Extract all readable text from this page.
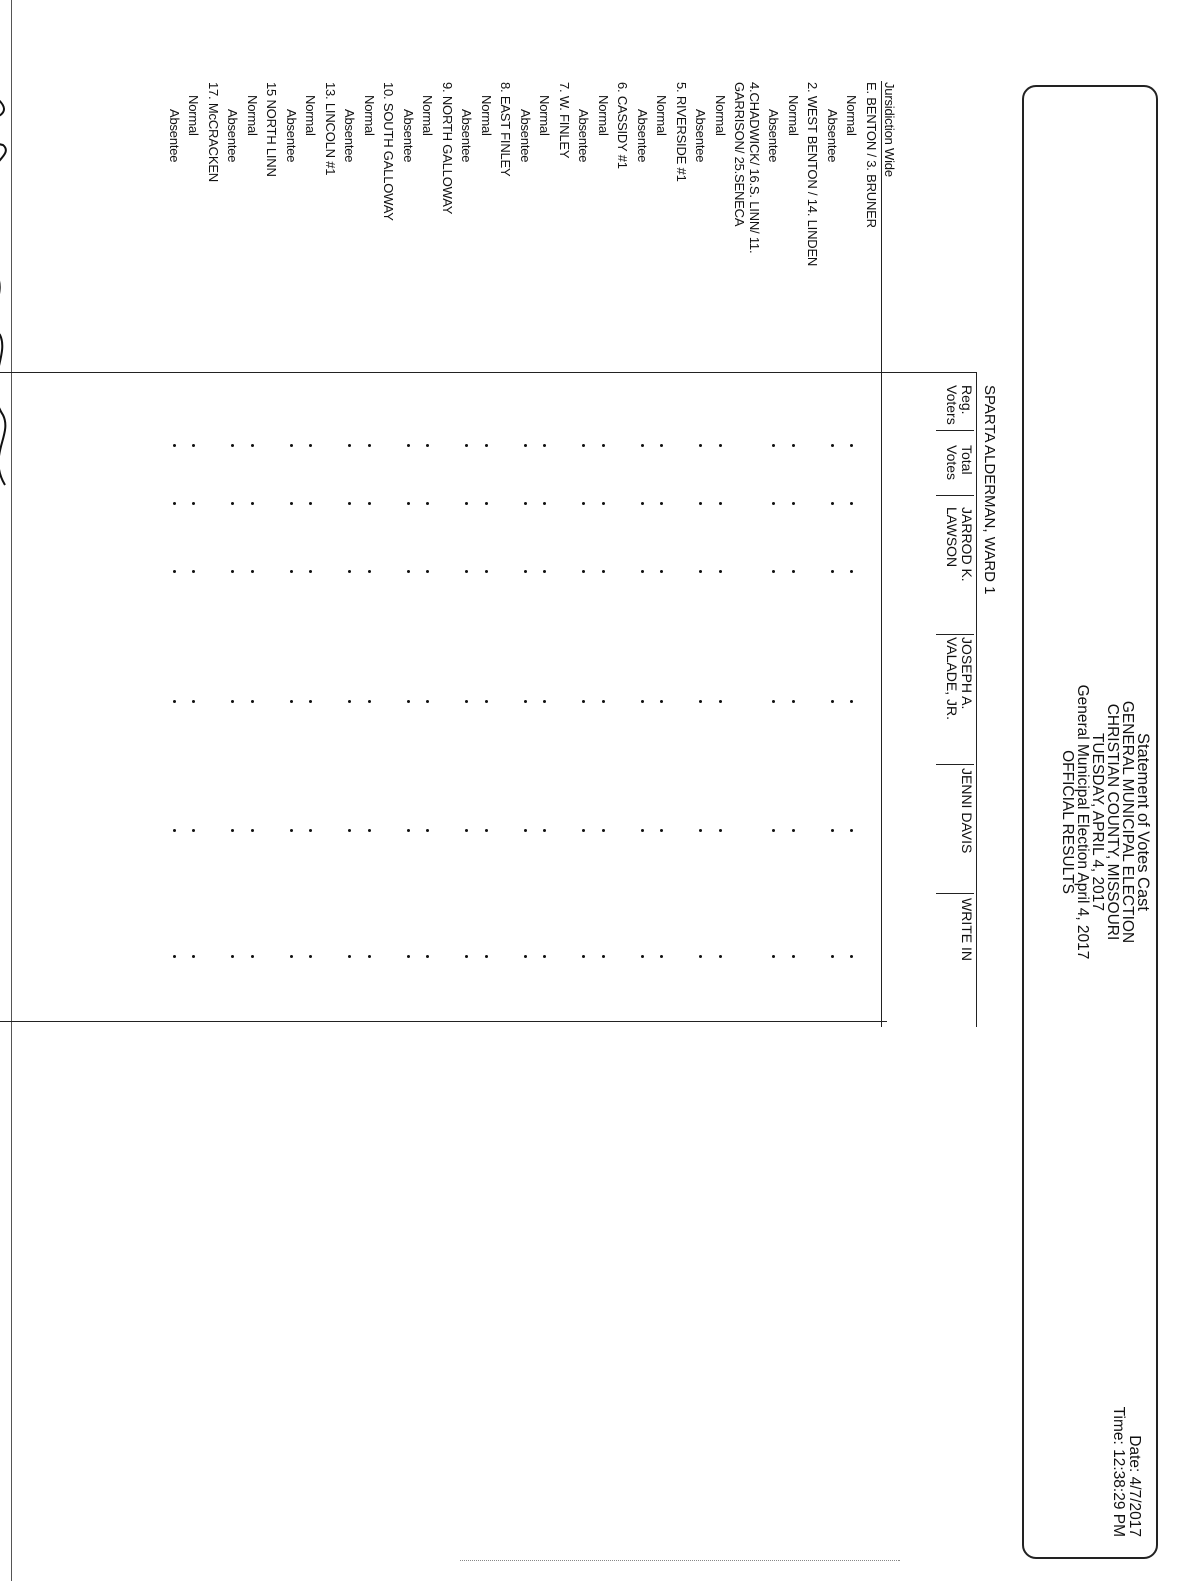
Statement of Votes Cast
GENERAL MUNICIPAL ELECTION
CHRISTIAN COUNTY, MISSOURI
TUESDAY, APRIL 4, 2017
General Municipal Election April 4, 2017
OFFICIAL RESULTS
Date: 4/7/2017
Time: 12:38:29 PM
SPARTA ALDERMAN, WARD 1
Reg.
Voters
Total
Votes
JARROD K.
LAWSON
JOSEPH A.
VALADE, JR.
JENNI DAVIS
WRITE IN
Jursidiction Wide
E. BENTON / 3. BRUNER
Normal
Absentee
2. WEST BENTON / 14. LINDEN
Normal
Absentee
4.CHADWICK/ 16.S. LINN/ 11.
GARRISON/ 25.SENECA
Normal
Absentee
5. RIVERSIDE #1
Normal
Absentee
6. CASSIDY #1
Normal
Absentee
7. W. FINLEY
Normal
Absentee
8. EAST FINLEY
Normal
Absentee
9. NORTH GALLOWAY
Normal
Absentee
10. SOUTH GALLOWAY
Normal
Absentee
13. LINCOLN #1
Normal
Absentee
15 NORTH LINN
Normal
Absentee
17. McCRACKEN
Normal
Absentee
